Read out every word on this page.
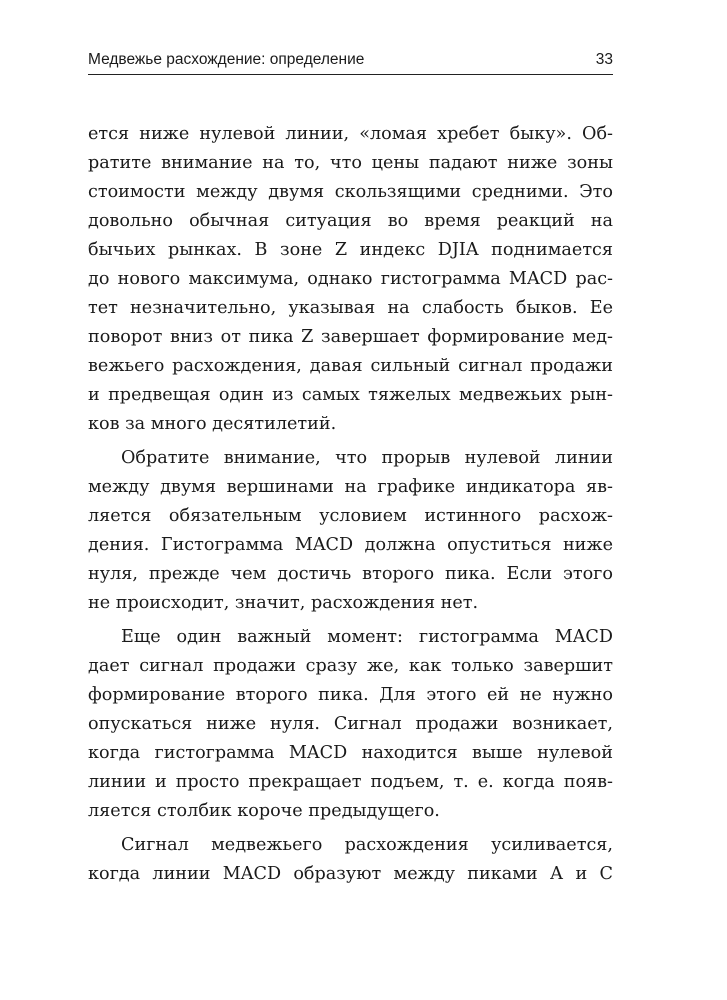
Медвежье расхождение: определение	33

ется ниже нулевой линии, «ломая хребет быку». Об-
ратите внимание на то, что цены падают ниже зоны
стоимости между двумя скользящими средними. Это
довольно обычная ситуация во время реакций на
бычьих рынках. В зоне Z индекс DJIA поднимается
до нового максимума, однако гистограмма MACD рас-
тет незначительно, указывая на слабость быков. Ее
поворот вниз от пика Z завершает формирование мед-
вежьего расхождения, давая сильный сигнал продажи
и предвещая один из самых тяжелых медвежьих рын-
ков за много десятилетий.

Обратите внимание, что прорыв нулевой линии
между двумя вершинами на графике индикатора яв-
ляется обязательным условием истинного расхож-
дения. Гистограмма MACD должна опуститься ниже
нуля, прежде чем достичь второго пика. Если этого
не происходит, значит, расхождения нет.

Еще один важный момент: гистограмма MACD
дает сигнал продажи сразу же, как только завершит
формирование второго пика. Для этого ей не нужно
опускаться ниже нуля. Сигнал продажи возникает,
когда гистограмма MACD находится выше нулевой
линии и просто прекращает подъем, т. е. когда появ-
ляется столбик короче предыдущего.

Сигнал медвежьего расхождения усиливается,
когда линии MACD образуют между пиками А и С
